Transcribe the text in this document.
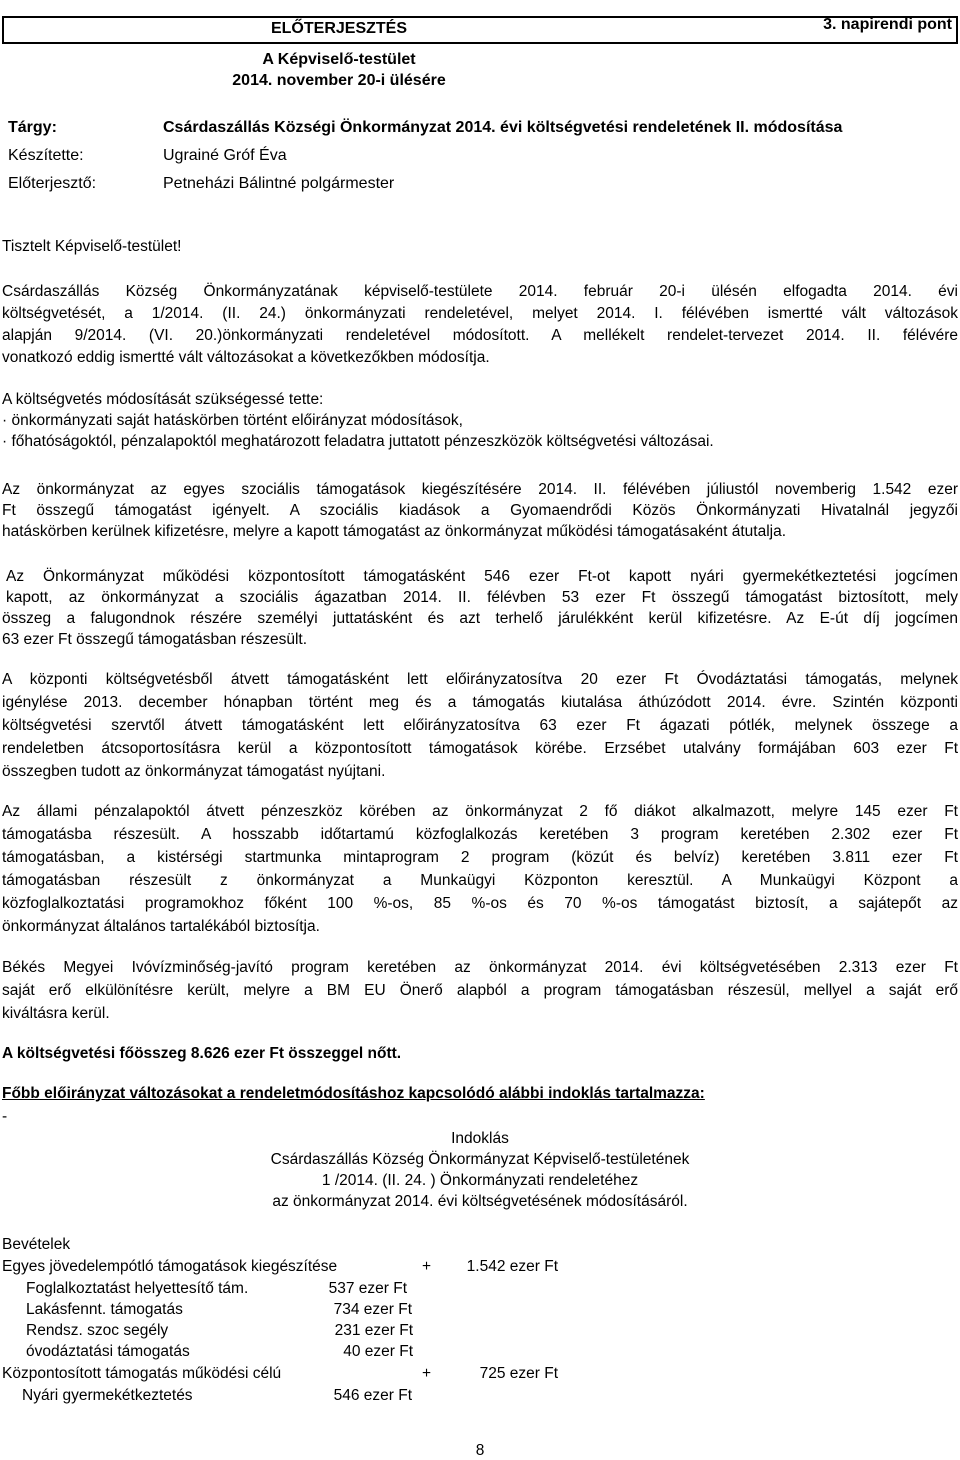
3. napirendi pont
ELŐTERJESZTÉS
A Képviselő-testület
2014. november 20-i ülésére
Tárgy:	Csárdaszállás Községi Önkormányzat 2014. évi költségvetési rendeletének II. módosítása
Készítette:	Ugrainé Gróf Éva
Előterjesztő:	Petneházi Bálintné polgármester
Tisztelt Képviselő-testület!
Csárdaszállás Község Önkormányzatának képviselő-testülete 2014. február 20-i ülésén elfogadta 2014. évi
költségvetését, a 1/2014. (II. 24.) önkormányzati rendeletével, melyet 2014. I. félévében ismertté vált változások
alapján 9/2014. (VI. 20.)önkormányzati rendeletével módosított. A mellékelt rendelet-tervezet 2014. II. félévére
vonatkozó eddig ismertté vált változásokat a következőkben módosítja.
A költségvetés módosítását szükségessé tette:
· önkormányzati saját hatáskörben történt előirányzat módosítások,
· főhatóságoktól, pénzalapoktól meghatározott feladatra juttatott pénzeszközök költségvetési változásai.
Az önkormányzat az egyes szociális támogatások kiegészítésére 2014. II. félévében júliustól novemberig 1.542 ezer
Ft összegű támogatást igényelt. A szociális kiadások a Gyomaendrődi Közös Önkormányzati Hivatalnál jegyzői
hatáskörben kerülnek kifizetésre, melyre a kapott támogatást az önkormányzat működési támogatásaként átutalja.
Az Önkormányzat működési központosított támogatásként 546 ezer Ft-ot kapott nyári gyermekétkeztetési jogcímen
kapott, az önkormányzat a szociális ágazatban 2014. II. félévben 53 ezer Ft összegű támogatást biztosított, mely
összeg a falugondnok részére személyi juttatásként és azt terhelő járulékként kerül kifizetésre. Az E-út díj jogcímen
63 ezer Ft összegű támogatásban részesült.
A központi költségvetésből átvett támogatásként lett előirányzatosítva 20 ezer Ft Óvodáztatási támogatás, melynek
igénylése 2013. december hónapban történt meg és a támogatás kiutalása áthúzódott 2014. évre. Szintén központi
költségvetési szervtől átvett támogatásként lett előirányzatosítva 63 ezer Ft ágazati pótlék, melynek összege a
rendeletben átcsoportosításra kerül a központosított támogatások körébe. Erzsébet utalvány formájában 603 ezer Ft
összegben tudott az önkormányzat támogatást nyújtani.
Az állami pénzalapoktól átvett pénzeszköz körében az önkormányzat 2 fő diákot alkalmazott, melyre 145 ezer Ft
támogatásba részesült. A hosszabb időtartamú közfoglalkozás keretében 3 program keretében 2.302 ezer Ft
támogatásban, a kistérségi startmunka mintaprogram 2 program (közút és belvíz) keretében 3.811 ezer Ft
támogatásban részesült z önkormányzat a Munkaügyi Központon keresztül. A Munkaügyi Központ a
közfoglalkoztatási programokhoz főként 100 %-os, 85 %-os és 70 %-os támogatást biztosít, a sajátерőt az
önkormányzat általános tartalékából biztosítja.
Békés Megyei Ivóvízminőség-javító program keretében az önkormányzat 2014. évi költségvetésében 2.313 ezer Ft
saját erő elkülönítésre került, melyre a BM EU Önerő alapból a program támogatásban részesül, mellyel a saját erő
kiváltásra kerül.
A költségvetési főösszeg 8.626 ezer Ft összeggel nőtt.
Főbb előirányzat változásokat a rendeletmódosításhoz kapcsolódó alábbi indoklás tartalmazza:
-
Indoklás
Csárdaszállás Község Önkormányzat Képviselő-testületének
1 /2014. (II. 24. ) Önkormányzati rendeletéhez
az önkormányzat 2014. évi költségvetésének módosításáról.
Bevételek
Egyes jövedelempótló támogatások kiegészítése	+ 1.542 ezer Ft
Foglalkoztatást helyettesítő tám.	537 ezer Ft
Lakásfennt. támogatás	734 ezer Ft
Rendsz. szoc segély	231 ezer Ft
óvodáztatási támogatás	40 ezer Ft
Központosított támogatás működési célú	+	725 ezer Ft
Nyári gyermekétkeztetés	546 ezer Ft
8
